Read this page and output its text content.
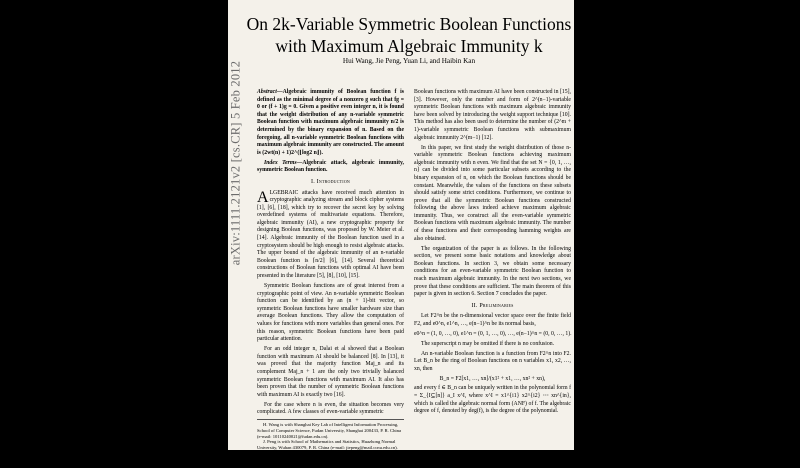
arXiv:1111.2121v2 [cs.CR] 5 Feb 2012
On 2k-Variable Symmetric Boolean Functions with Maximum Algebraic Immunity k
Hui Wang, Jie Peng, Yuan Li, and Haibin Kan

Abstract—Algebraic immunity of Boolean function f is defined as the minimal degree of a nonzero g such that fg = 0 or (f + 1)g = 0. Given a positive even integer n, it is found that the weight distribution of any n-variable symmetric Boolean function with maximum algebraic immunity n/2 is determined by the binary expansion of n. Based on the foregoing, all n-variable symmetric Boolean functions with maximum algebraic immunity are constructed. The amount is (2wt(n) + 1)2^(⌊log2 n⌋).

Index Terms—Algebraic attack, algebraic immunity, symmetric Boolean function.

I. Introduction

ALGEBRAIC attacks have received much attention in cryptographic analyzing stream and block cipher systems [1], [6], [18], which try to recover the secret key by solving overdefined systems of multivariate equations. Therefore, algebraic immunity (AI), a new cryptographic property for designing Boolean functions, was proposed by W. Meier et al. [14]. Algebraic immunity of the Boolean function used in a cryptosystem should be high enough to resist algebraic attacks. The upper bound of the algebraic immunity of an n-variable Boolean function is ⌈n/2⌉ [6], [14]. Several theoretical constructions of Boolean functions with optimal AI have been presented in the literature [5], [8], [10], [15].

Symmetric Boolean functions are of great interest from a cryptographic point of view. An n-variable symmetric Boolean function can be identified by an (n + 1)-bit vector, so symmetric Boolean functions have smaller hardware size than average Boolean functions. They allow the computation of values for functions with more variables than general ones. For this reason, symmetric Boolean functions have been paid particular attention.

For an odd integer n, Dalai et al showed that a Boolean function with maximum AI should be balanced [8]. In [13], it was proved that the majority function Maj_n and its complement Maj_n + 1 are the only two trivially balanced symmetric Boolean functions with maximum AI. It also has been proven that the number of symmetric Boolean functions with maximum AI is exactly two [16].

For the case where n is even, the situation becomes very complicated. A few classes of even-variable symmetric

H. Wang is with Shanghai Key Lab of Intelligent Information Processing, School of Computer Science, Fudan University, Shanghai 200433, P. R. China (e-mail: 10110240021@fudan.edu.cn).

J. Peng is with School of Mathematics and Statistics, Huazhong Normal University, Wuhan 430079, P. R. China (e-mail: jiepeng@mail.ccnu.edu.cn).

Y. Li and H. Kan are with Shanghai Key Lab of Intelligent Information Processing, School of Computer Science, Fudan University, Shanghai 200433, P. R. China (e-mail: 07300720173@fudan.edu.cn; hbkan@fudan.edu.cn).

Boolean functions with maximum AI have been constructed in [15], [3]. However, only the number and form of 2^(n−1)-variable symmetric Boolean functions with maximum algebraic immunity have been solved by introducing the weight support technique [10]. This method has also been used to determine the number of (2^m + 1)-variable symmetric Boolean functions with submaximum algebraic immunity 2^(m−1) [12].

In this paper, we first study the weight distribution of those n-variable symmetric Boolean functions achieving maximum algebraic immunity with n even. We find that the set N = {0, 1, …, n} can be divided into some particular subsets according to the binary expansion of n, on which the Boolean functions should be constant. Meanwhile, the values of the functions on these subsets should satisfy some strict conditions. Furthermore, we continue to prove that all the symmetric Boolean functions constructed following the above laws indeed achieve maximum algebraic immunity. Thus, we construct all the even-variable symmetric Boolean functions with maximum algebraic immunity. The number of these functions and their corresponding hamming weights are also obtained.

The organization of the paper is as follows. In the following section, we present some basic notations and knowledge about Boolean functions. In section 3, we obtain some necessary conditions for an even-variable symmetric Boolean function to reach maximum algebraic immunity. In the next two sections, we prove that these conditions are sufficient. The main theorem of this paper is given in section 6. Section 7 concludes the paper.

II. Preliminaries

Let F2^n be the n-dimensional vector space over the finite field F2, and e0^n, e1^n, …, e(n−1)^n be its normal basis,

e0^n = (1, 0, …, 0), e1^n = (0, 1, …, 0), …, e(n−1)^n = (0, 0, …, 1).

The superscript n may be omitted if there is no confusion.

An n-variable Boolean function is a function from F2^n into F2. Let B_n be the ring of Boolean functions on n variables x1, x2, …, xn, then

B_n = F2[x1, …, xn]/(x1² + x1, …, xn² + xn),

and every f ∈ B_n can be uniquely written in the polynomial form f = Σ_{I⊆[n]} a_I x^I, where x^I = x1^{i1} x2^{i2} ⋯ xn^{in}, which is called the algebraic normal form (ANF) of f. The algebraic degree of f, denoted by deg(f), is the degree of the polynomial.
